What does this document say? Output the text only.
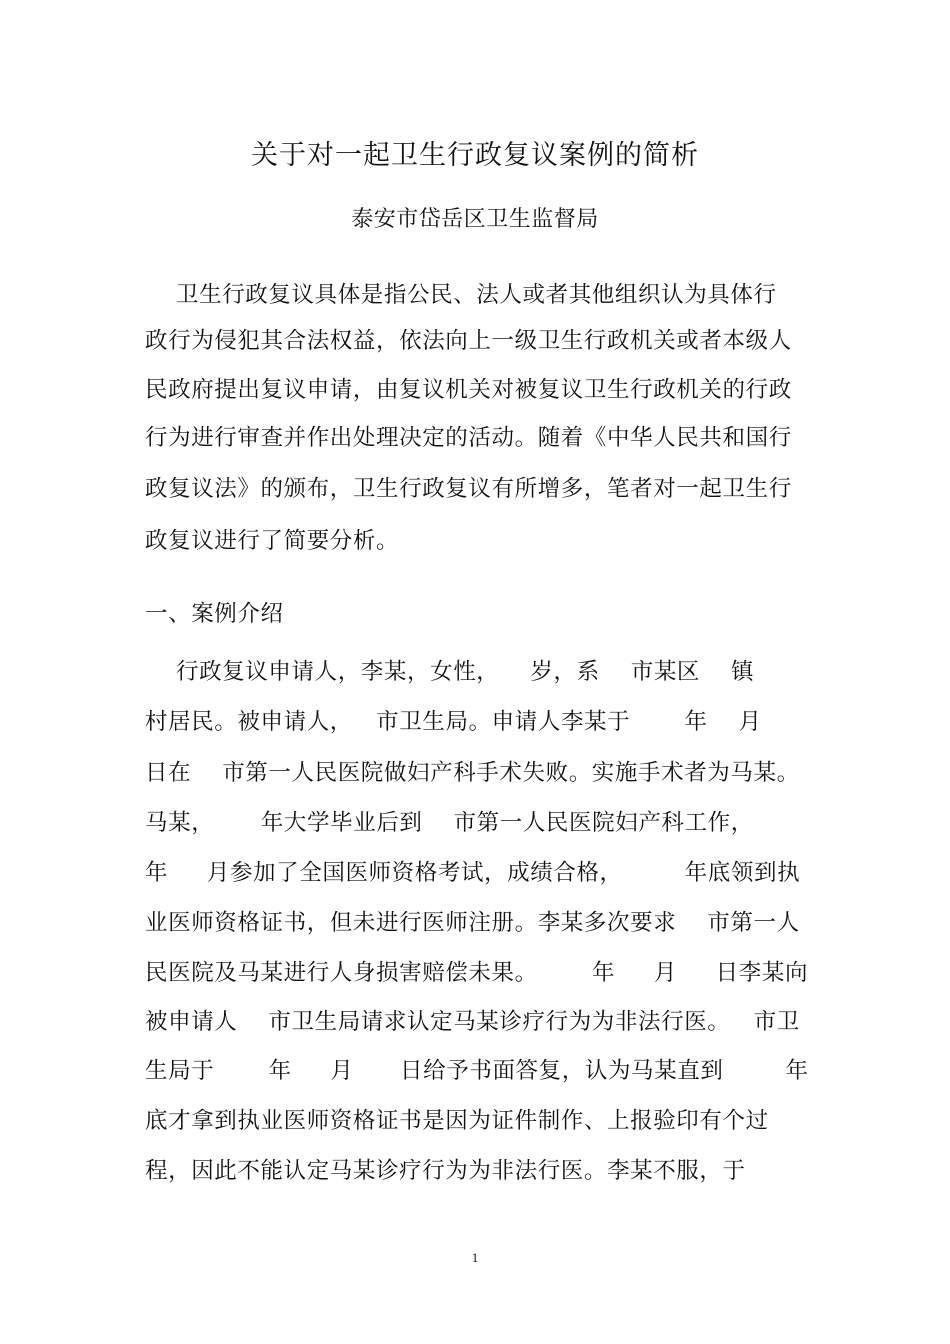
关于对一起卫生行政复议案例的简析
泰安市岱岳区卫生监督局
卫生行政复议具体是指公民、法人或者其他组织认为具体行
政行为侵犯其合法权益，依法向上一级卫生行政机关或者本级人
民政府提出复议申请，由复议机关对被复议卫生行政机关的行政
行为进行审查并作出处理决定的活动。随着《中华人民共和国行
政复议法》的颁布，卫生行政复议有所增多，笔者对一起卫生行
政复议进行了简要分析。
一、案例介绍
行政复议申请人，李某，女性，    岁，系    市某区    镇
村居民。被申请人，   市卫生局。申请人李某于       年    月
日在    市第一人民医院做妇产科手术失败。实施手术者为马某。
马某，      年大学毕业后到    市第一人民医院妇产科工作，
年     月参加了全国医师资格考试，成绩合格，        年底领到执
业医师资格证书，但未进行医师注册。李某多次要求    市第一人
民医院及马某进行人身损害赔偿未果。       年     月     日李某向
被申请人    市卫生局请求认定马某诊疗行为为非法行医。   市卫
生局于       年     月      日给予书面答复，认为马某直到        年
底才拿到执业医师资格证书是因为证件制作、上报验印有个过
程，因此不能认定马某诊疗行为为非法行医。李某不服，于
1
